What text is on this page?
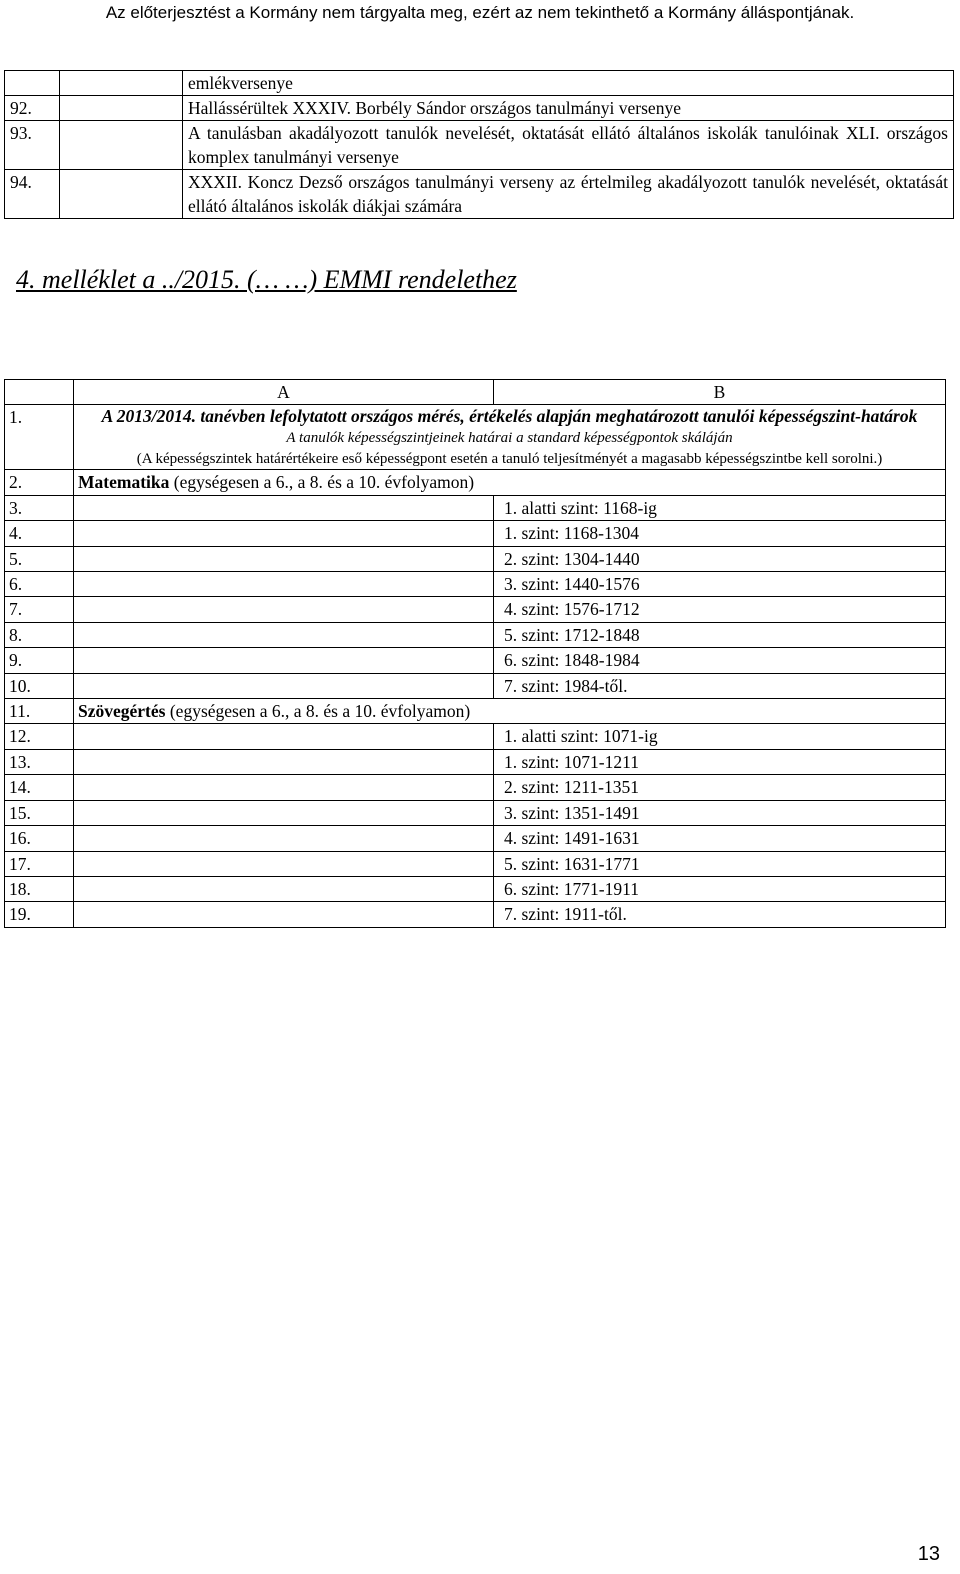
Az előterjesztést a Kormány nem tárgyalta meg, ezért az nem tekinthető a Kormány álláspontjának.
		emlékversenye
92.		Hallássérültek XXXIV. Borbély Sándor országos tanulmányi versenye
93.		A tanulásban akadályozott tanulók nevelését, oktatását ellátó általános iskolák tanulóinak XLI. országos komplex tanulmányi versenye
94.		XXXII. Koncz Dezső országos tanulmányi verseny az értelmileg akadályozott tanulók nevelését, oktatását ellátó általános iskolák diákjai számára
4. melléklet a ../2015. (… …) EMMI rendelethez
	A	B
1.	A 2013/2014. tanévben lefolytatott országos mérés, értékelés alapján meghatározott tanulói képességszint-határok
A tanulók képességszintjeinek határai a standard képességpontok skáláján
(A képességszintek határértékeire eső képességpont esetén a tanuló teljesítményét a magasabb képességszintbe kell sorolni.)	

2.	Matematika (egységesen a 6., a 8. és a 10. évfolyamon)	
3.		1. alatti szint: 1168-ig
4.		1. szint: 1168-1304
5.		2. szint: 1304-1440
6.		3. szint: 1440-1576
7.		4. szint: 1576-1712
8.		5. szint: 1712-1848
9.		6. szint: 1848-1984
10.		7. szint: 1984-től.
11.	Szövegértés (egységesen a 6., a 8. és a 10. évfolyamon)	
12.		1. alatti szint: 1071-ig
13.		1. szint: 1071-1211
14.		2. szint: 1211-1351
15.		3. szint: 1351-1491
16.		4. szint: 1491-1631
17.		5. szint: 1631-1771
18.		6. szint: 1771-1911
19.		7. szint: 1911-től.
13
